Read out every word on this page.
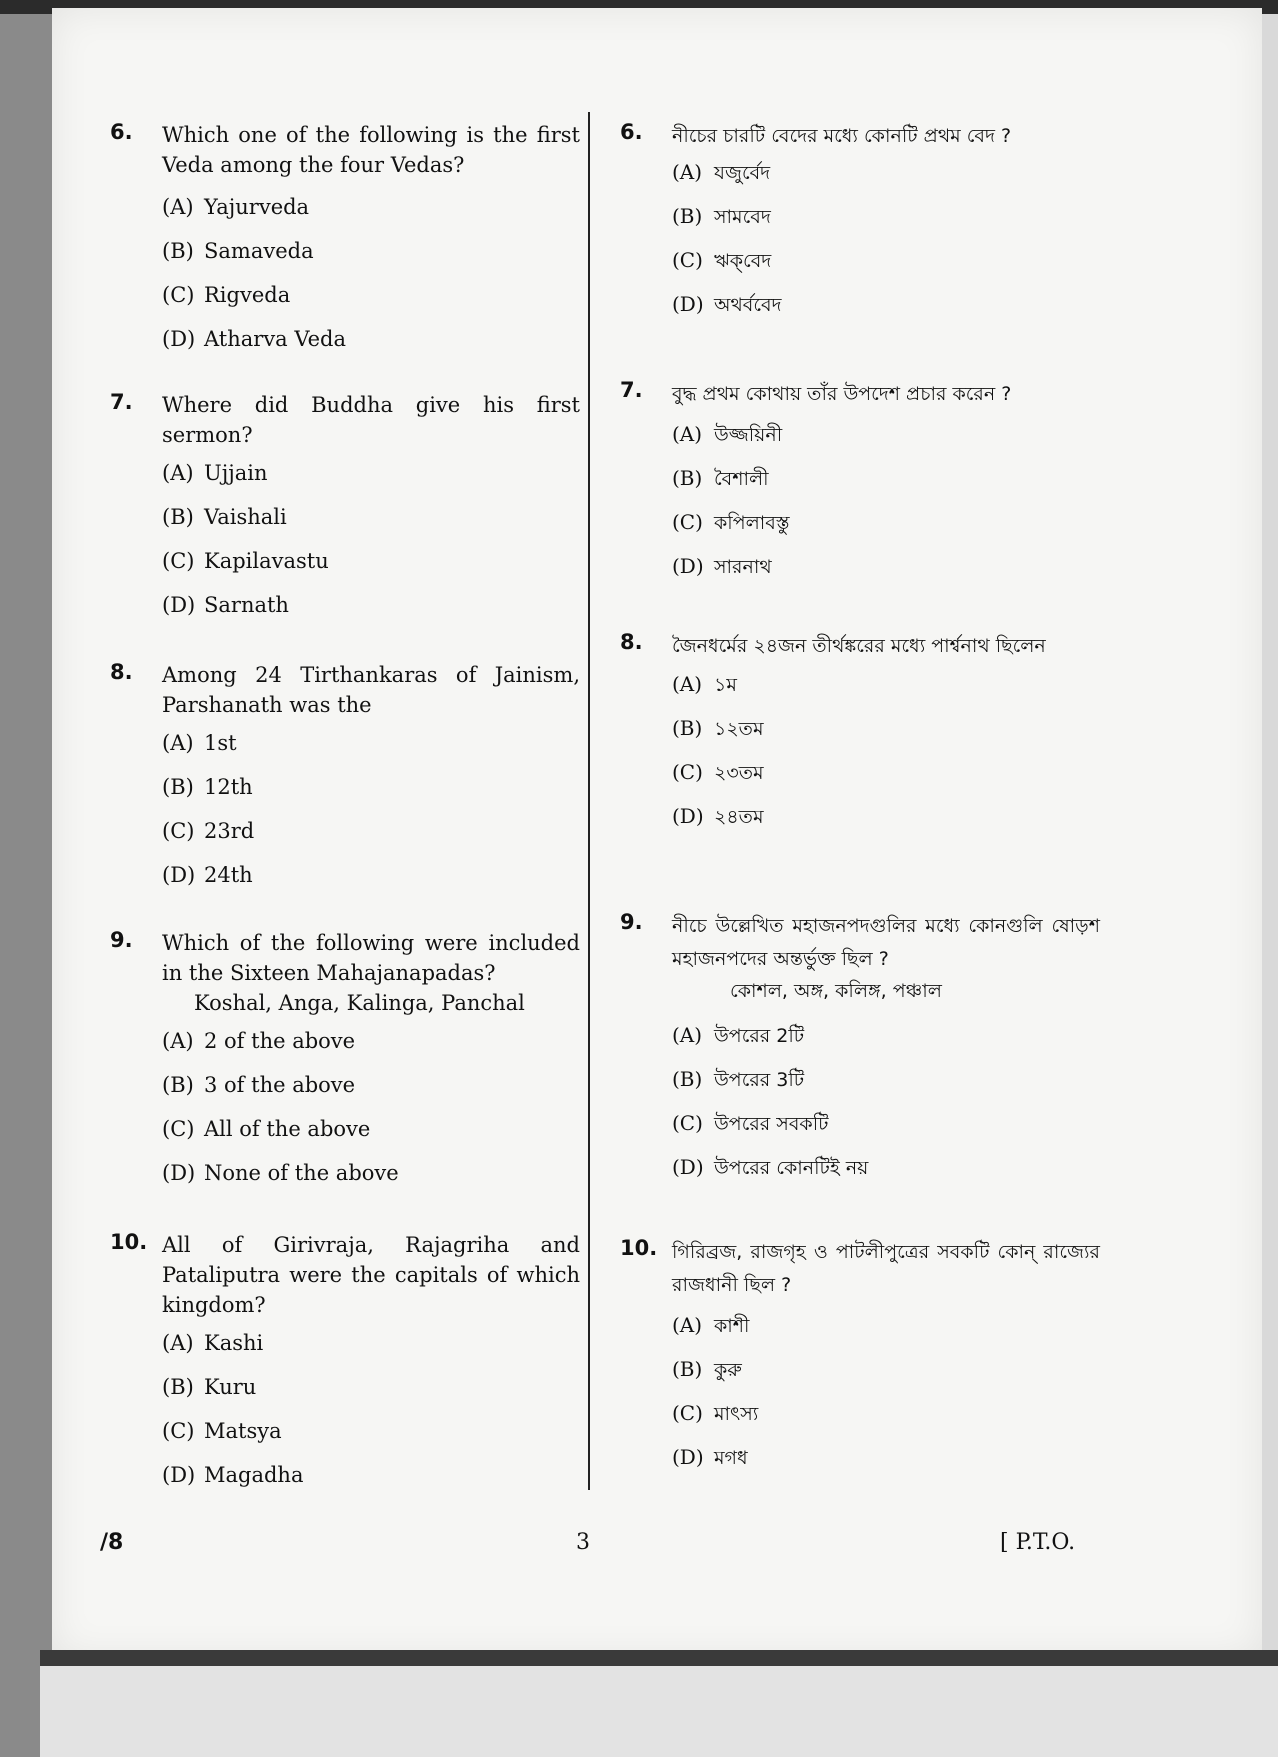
6. Which one of the following is the first Veda among the four Vedas?
(A) Yajurveda
(B) Samaveda
(C) Rigveda
(D) Atharva Veda
7. Where did Buddha give his first sermon?
(A) Ujjain
(B) Vaishali
(C) Kapilavastu
(D) Sarnath
8. Among 24 Tirthankaras of Jainism, Parshanath was the
(A) 1st
(B) 12th
(C) 23rd
(D) 24th
9. Which of the following were included in the Sixteen Mahajanapadas?
Koshal, Anga, Kalinga, Panchal
(A) 2 of the above
(B) 3 of the above
(C) All of the above
(D) None of the above
10. All of Girivraja, Rajagriha and Pataliputra were the capitals of which kingdom?
(A) Kashi
(B) Kuru
(C) Matsya
(D) Magadha
6. নীচের চারটি বেদের মধ্যে কোনটি প্রথম বেদ ?
(A) যজুর্বেদ
(B) সামবেদ
(C) ঋক্‌বেদ
(D) অথর্ববেদ
7. বুদ্ধ প্রথম কোথায় তাঁর উপদেশ প্রচার করেন ?
(A) উজ্জয়িনী
(B) বৈশালী
(C) কপিলাবস্তু
(D) সারনাথ
8. জৈনধর্মের ২৪জন তীর্থঙ্করের মধ্যে পার্শ্বনাথ ছিলেন
(A) ১ম
(B) ১২তম
(C) ২৩তম
(D) ২৪তম
9. নীচে উল্লেখিত মহাজনপদগুলির মধ্যে কোনগুলি ষোড়শ মহাজনপদের অন্তর্ভুক্ত ছিল ?
কোশল, অঙ্গ, কলিঙ্গ, পঞ্চাল
(A) উপরের 2টি
(B) উপরের 3টি
(C) উপরের সবকটি
(D) উপরের কোনটিই নয়
10. গিরিব্রজ, রাজগৃহ ও পাটলীপুত্রের সবকটি কোন্ রাজ্যের রাজধানী ছিল ?
(A) কাশী
(B) কুরু
(C) মাৎস্য
(D) মগধ
/8	3	[ P.T.O.
